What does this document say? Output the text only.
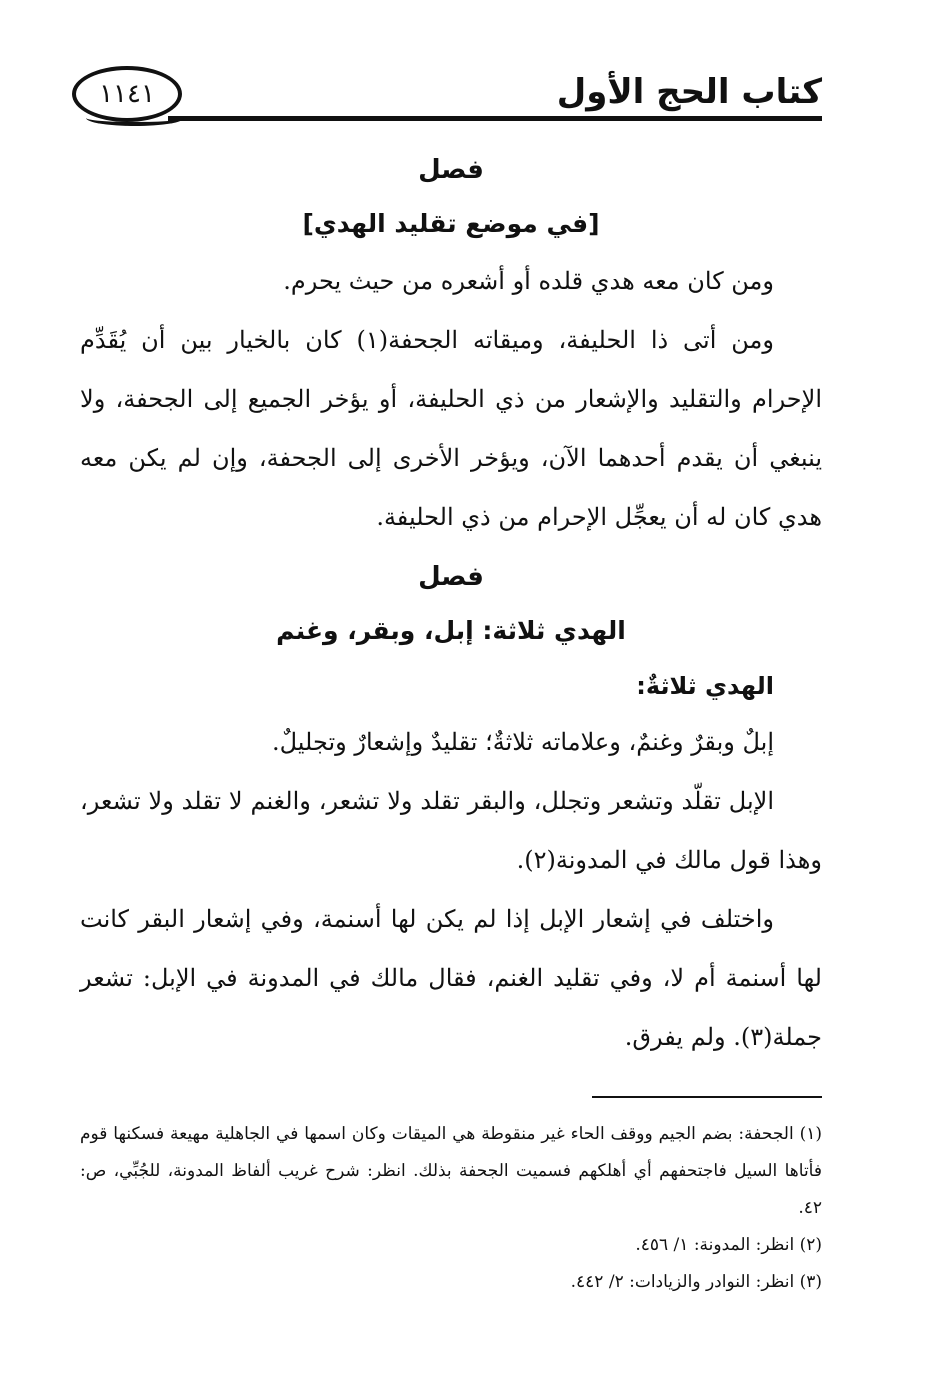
كتاب الحج الأول
١١٤١
فصل
[في موضع تقليد الهدي]

ومن كان معه هدي قلده أو أشعره من حيث يحرم.

ومن أتى ذا الحليفة، وميقاته الجحفة(١) كان بالخيار بين أن يُقَدِّم الإحرام والتقليد والإشعار من ذي الحليفة، أو يؤخر الجميع إلى الجحفة، ولا ينبغي أن يقدم أحدهما الآن، ويؤخر الأخرى إلى الجحفة، وإن لم يكن معه هدي كان له أن يعجِّل الإحرام من ذي الحليفة.

فصل
الهدي ثلاثة: إبل، وبقر، وغنم

الهدي ثلاثةٌ:

إبلٌ وبقرٌ وغنمٌ، وعلاماته ثلاثةٌ؛ تقليدٌ وإشعارٌ وتجليلٌ.

الإبل تقلّد وتشعر وتجلل، والبقر تقلد ولا تشعر، والغنم لا تقلد ولا تشعر، وهذا قول مالك في المدونة(٢).

واختلف في إشعار الإبل إذا لم يكن لها أسنمة، وفي إشعار البقر كانت لها أسنمة أم لا، وفي تقليد الغنم، فقال مالك في المدونة في الإبل: تشعر جملة(٣). ولم يفرق.

(١) الجحفة: بضم الجيم ووقف الحاء غير منقوطة هي الميقات وكان اسمها في الجاهلية مهيعة فسكنها قوم فأتاها السيل فاجتحفهم أي أهلكهم فسميت الجحفة بذلك. انظر: شرح غريب ألفاظ المدونة، للجُبِّي، ص: ٤٢.

(٢) انظر: المدونة: ١/ ٤٥٦.

(٣) انظر: النوادر والزيادات: ٢/ ٤٤٢.
